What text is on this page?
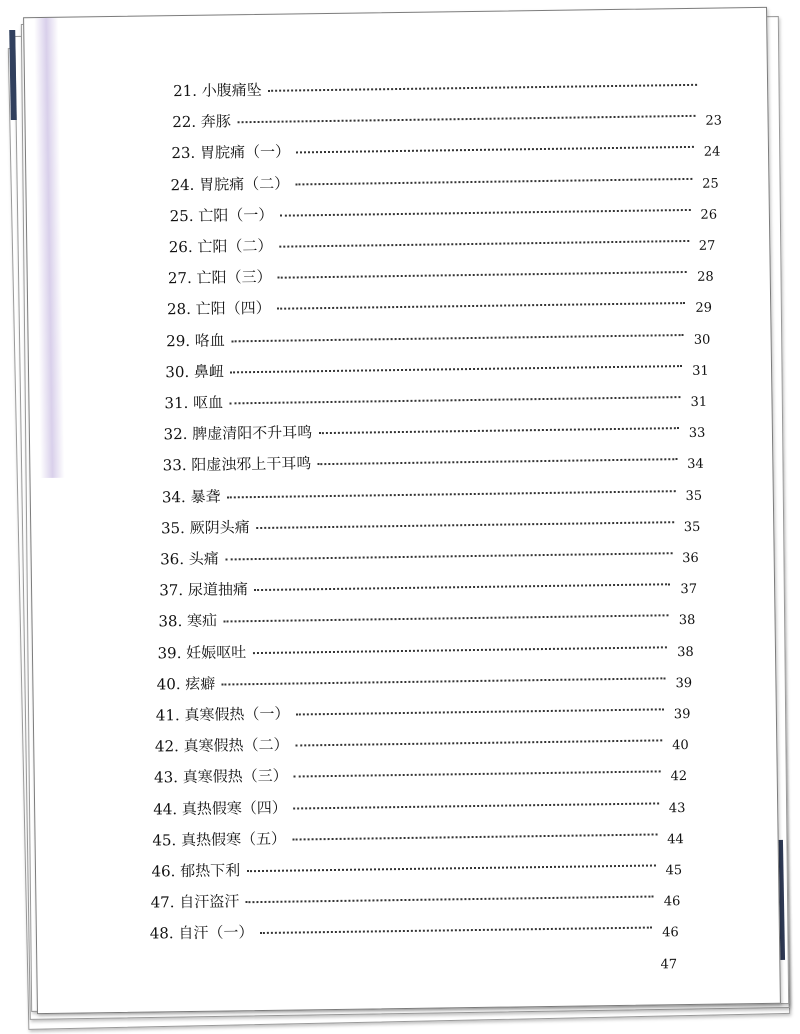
21. 小腹痛坠
22. 奔豚	23
23. 胃脘痛（一）	24
24. 胃脘痛（二）	25
25. 亡阳（一）	26
26. 亡阳（二）	27
27. 亡阳（三）	28
28. 亡阳（四）	29
29. 咯血	30
30. 鼻衄	31
31. 呕血	31
32. 脾虚清阳不升耳鸣	33
33. 阳虚浊邪上干耳鸣	34
34. 暴聋	35
35. 厥阴头痛	35
36. 头痛	36
37. 尿道抽痛	37
38. 寒疝	38
39. 妊娠呕吐	38
40. 痃癖	39
41. 真寒假热（一）	39
42. 真寒假热（二）	40
43. 真寒假热（三）	42
44. 真热假寒（四）	43
45. 真热假寒（五）	44
46. 郁热下利	45
47. 自汗盗汗	46
48. 自汗（一）	46
47
